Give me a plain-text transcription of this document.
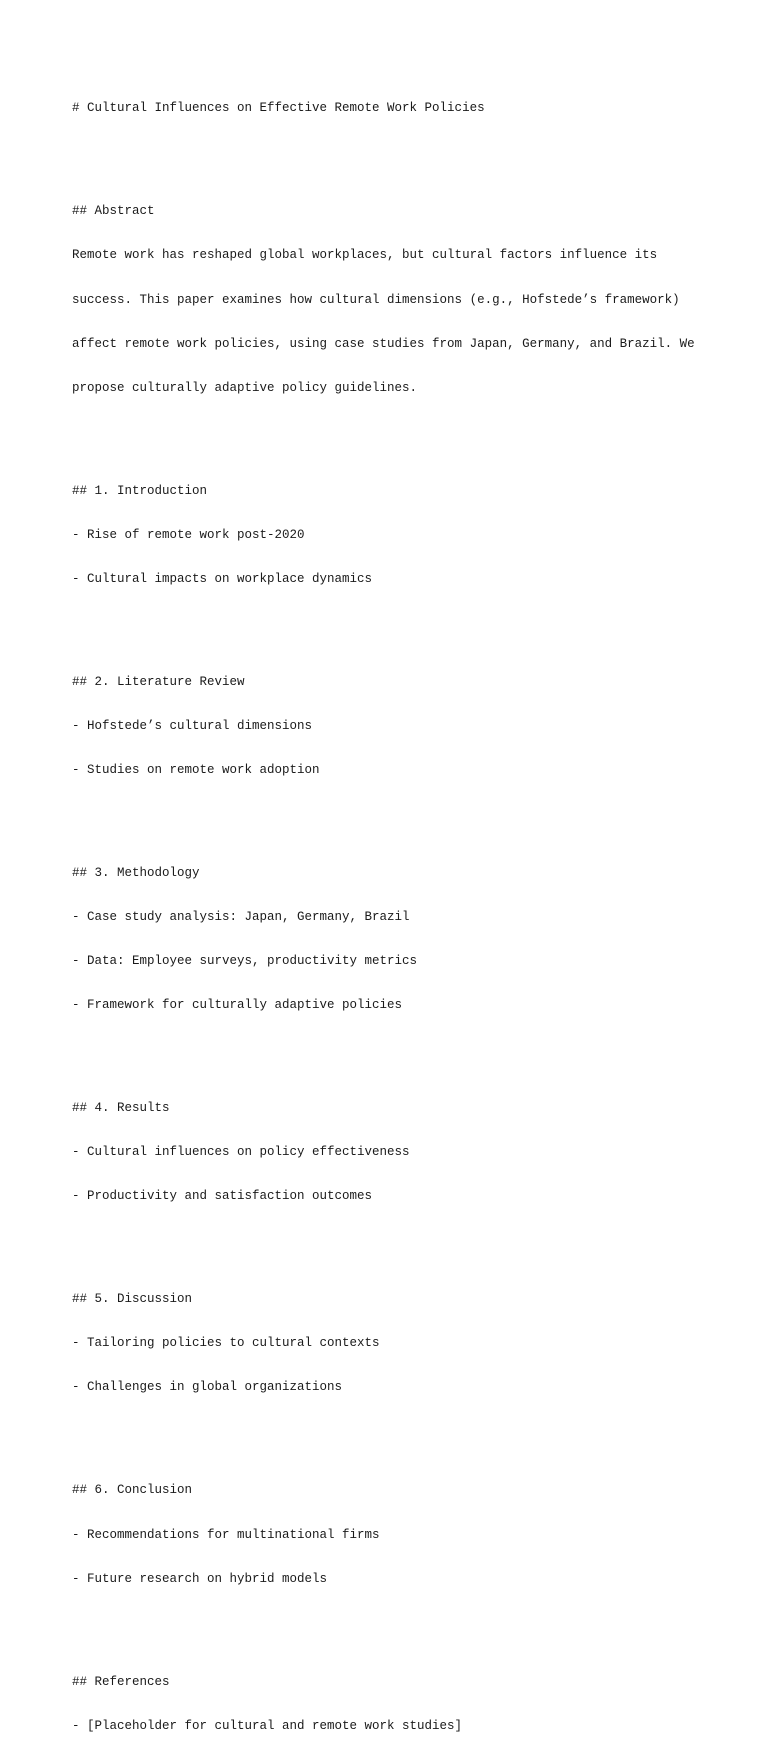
# Cultural Influences on Effective Remote Work Policies

## Abstract

Remote work has reshaped global workplaces, but cultural factors influence its

success. This paper examines how cultural dimensions (e.g., Hofstede’s framework)

affect remote work policies, using case studies from Japan, Germany, and Brazil. We

propose culturally adaptive policy guidelines.

## 1. Introduction

- Rise of remote work post-2020

- Cultural impacts on workplace dynamics

## 2. Literature Review

- Hofstede’s cultural dimensions

- Studies on remote work adoption

## 3. Methodology

- Case study analysis: Japan, Germany, Brazil

- Data: Employee surveys, productivity metrics

- Framework for culturally adaptive policies

## 4. Results

- Cultural influences on policy effectiveness

- Productivity and satisfaction outcomes

## 5. Discussion

- Tailoring policies to cultural contexts

- Challenges in global organizations

## 6. Conclusion

- Recommendations for multinational firms

- Future research on hybrid models

## References

- [Placeholder for cultural and remote work studies]
